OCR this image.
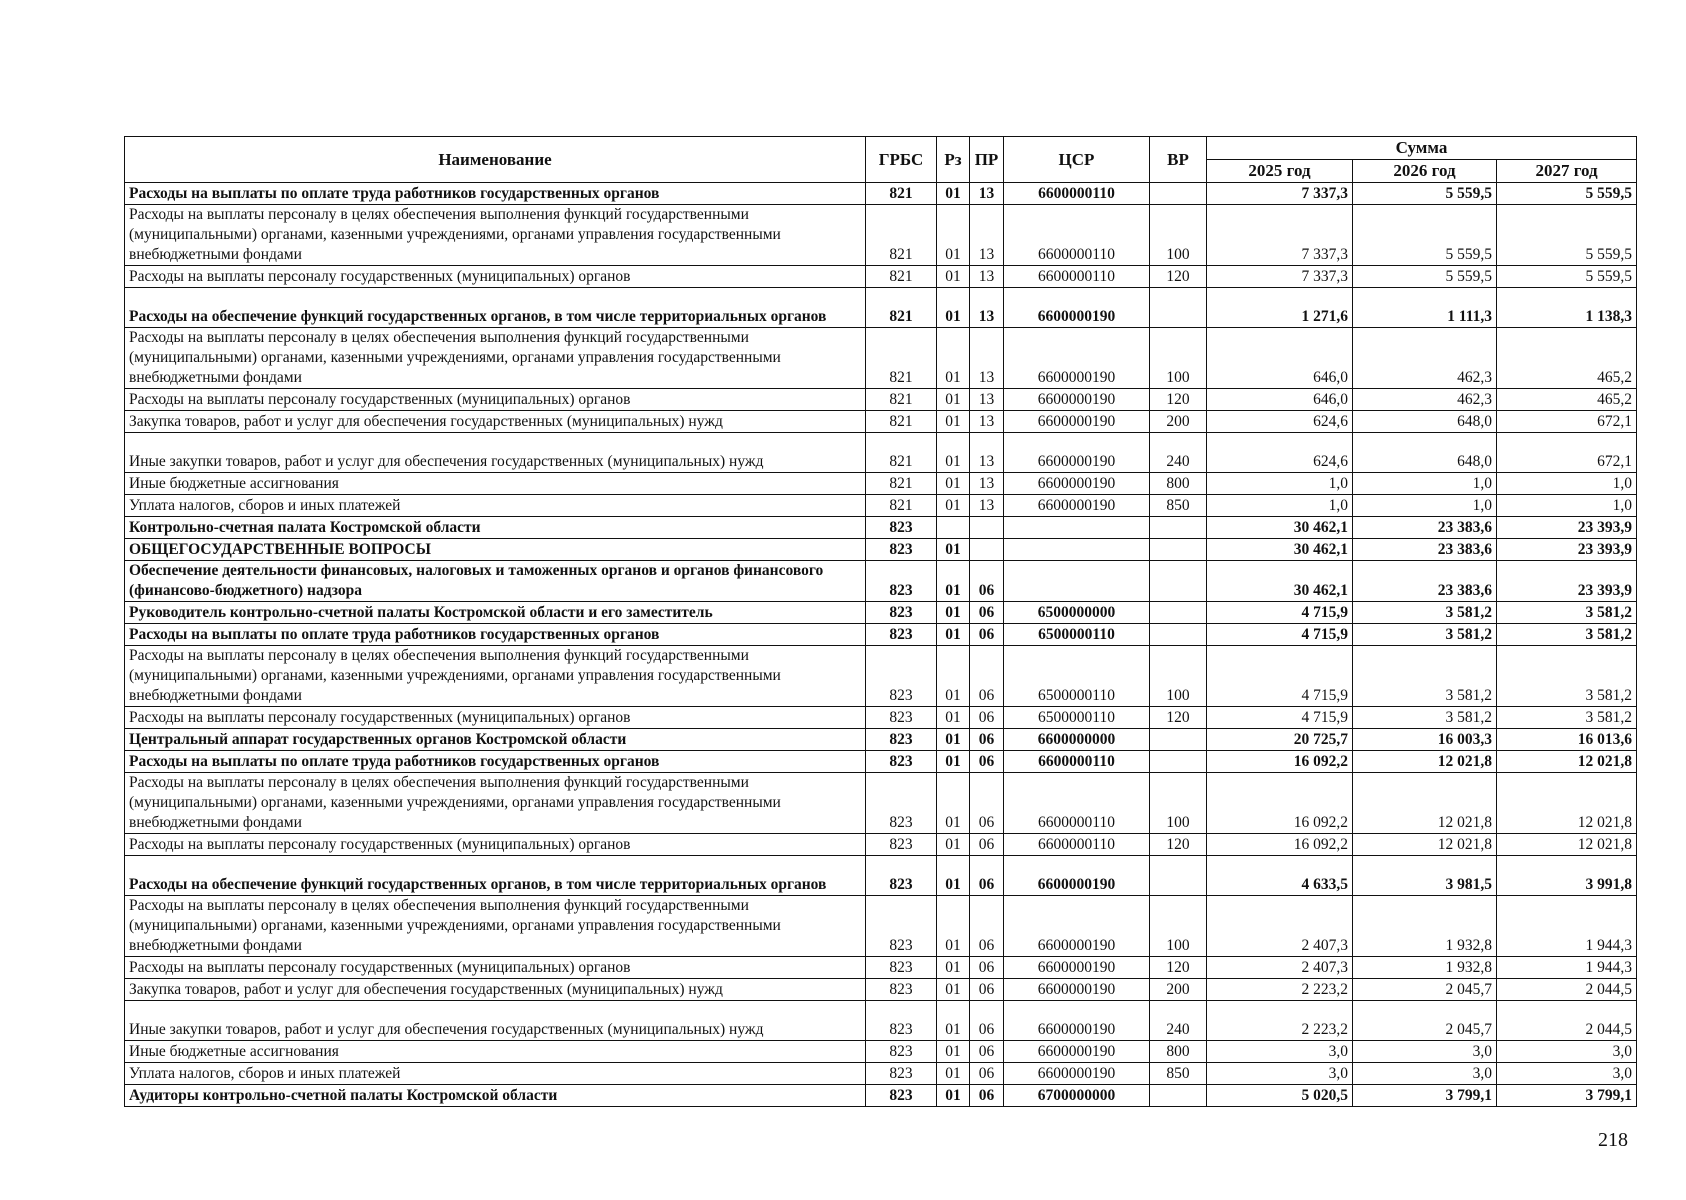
Наименование	ГРБС	Рз	ПР	ЦСР	ВР	Сумма		
						2025 год	2026 год	2027 год
Расходы на выплаты по оплате труда работников государственных органов	821	01	13	6600000110		7 337,3	5 559,5	5 559,5
Расходы на выплаты персоналу в целях обеспечения выполнения функций государственными (муниципальными) органами, казенными учреждениями, органами управления государственными внебюджетными фондами	821	01	13	6600000110	100	7 337,3	5 559,5	5 559,5
Расходы на выплаты персоналу государственных (муниципальных) органов	821	01	13	6600000110	120	7 337,3	5 559,5	5 559,5
Расходы на обеспечение функций государственных органов, в том числе территориальных органов	821	01	13	6600000190		1 271,6	1 111,3	1 138,3
Расходы на выплаты персоналу в целях обеспечения выполнения функций государственными (муниципальными) органами, казенными учреждениями, органами управления государственными внебюджетными фондами	821	01	13	6600000190	100	646,0	462,3	465,2
Расходы на выплаты персоналу государственных (муниципальных) органов	821	01	13	6600000190	120	646,0	462,3	465,2
Закупка товаров, работ и услуг для обеспечения государственных (муниципальных) нужд	821	01	13	6600000190	200	624,6	648,0	672,1
Иные закупки товаров, работ и услуг для обеспечения государственных (муниципальных) нужд	821	01	13	6600000190	240	624,6	648,0	672,1
Иные бюджетные ассигнования	821	01	13	6600000190	800	1,0	1,0	1,0
Уплата налогов, сборов и иных платежей	821	01	13	6600000190	850	1,0	1,0	1,0
Контрольно-счетная палата Костромской области	823					30 462,1	23 383,6	23 393,9
ОБЩЕГОСУДАРСТВЕННЫЕ ВОПРОСЫ	823	01				30 462,1	23 383,6	23 393,9
Обеспечение деятельности финансовых, налоговых и таможенных органов и органов финансового (финансово-бюджетного) надзора	823	01	06			30 462,1	23 383,6	23 393,9
Руководитель контрольно-счетной палаты Костромской области и его заместитель	823	01	06	6500000000		4 715,9	3 581,2	3 581,2
Расходы на выплаты по оплате труда работников государственных органов	823	01	06	6500000110		4 715,9	3 581,2	3 581,2
Расходы на выплаты персоналу в целях обеспечения выполнения функций государственными (муниципальными) органами, казенными учреждениями, органами управления государственными внебюджетными фондами	823	01	06	6500000110	100	4 715,9	3 581,2	3 581,2
Расходы на выплаты персоналу государственных (муниципальных) органов	823	01	06	6500000110	120	4 715,9	3 581,2	3 581,2
Центральный аппарат государственных органов Костромской области	823	01	06	6600000000		20 725,7	16 003,3	16 013,6
Расходы на выплаты по оплате труда работников государственных органов	823	01	06	6600000110		16 092,2	12 021,8	12 021,8
Расходы на выплаты персоналу в целях обеспечения выполнения функций государственными (муниципальными) органами, казенными учреждениями, органами управления государственными внебюджетными фондами	823	01	06	6600000110	100	16 092,2	12 021,8	12 021,8
Расходы на выплаты персоналу государственных (муниципальных) органов	823	01	06	6600000110	120	16 092,2	12 021,8	12 021,8
Расходы на обеспечение функций государственных органов, в том числе территориальных органов	823	01	06	6600000190		4 633,5	3 981,5	3 991,8
Расходы на выплаты персоналу в целях обеспечения выполнения функций государственными (муниципальными) органами, казенными учреждениями, органами управления государственными внебюджетными фондами	823	01	06	6600000190	100	2 407,3	1 932,8	1 944,3
Расходы на выплаты персоналу государственных (муниципальных) органов	823	01	06	6600000190	120	2 407,3	1 932,8	1 944,3
Закупка товаров, работ и услуг для обеспечения государственных (муниципальных) нужд	823	01	06	6600000190	200	2 223,2	2 045,7	2 044,5
Иные закупки товаров, работ и услуг для обеспечения государственных (муниципальных) нужд	823	01	06	6600000190	240	2 223,2	2 045,7	2 044,5
Иные бюджетные ассигнования	823	01	06	6600000190	800	3,0	3,0	3,0
Уплата налогов, сборов и иных платежей	823	01	06	6600000190	850	3,0	3,0	3,0
Аудиторы контрольно-счетной палаты Костромской области	823	01	06	6700000000		5 020,5	3 799,1	3 799,1
218
